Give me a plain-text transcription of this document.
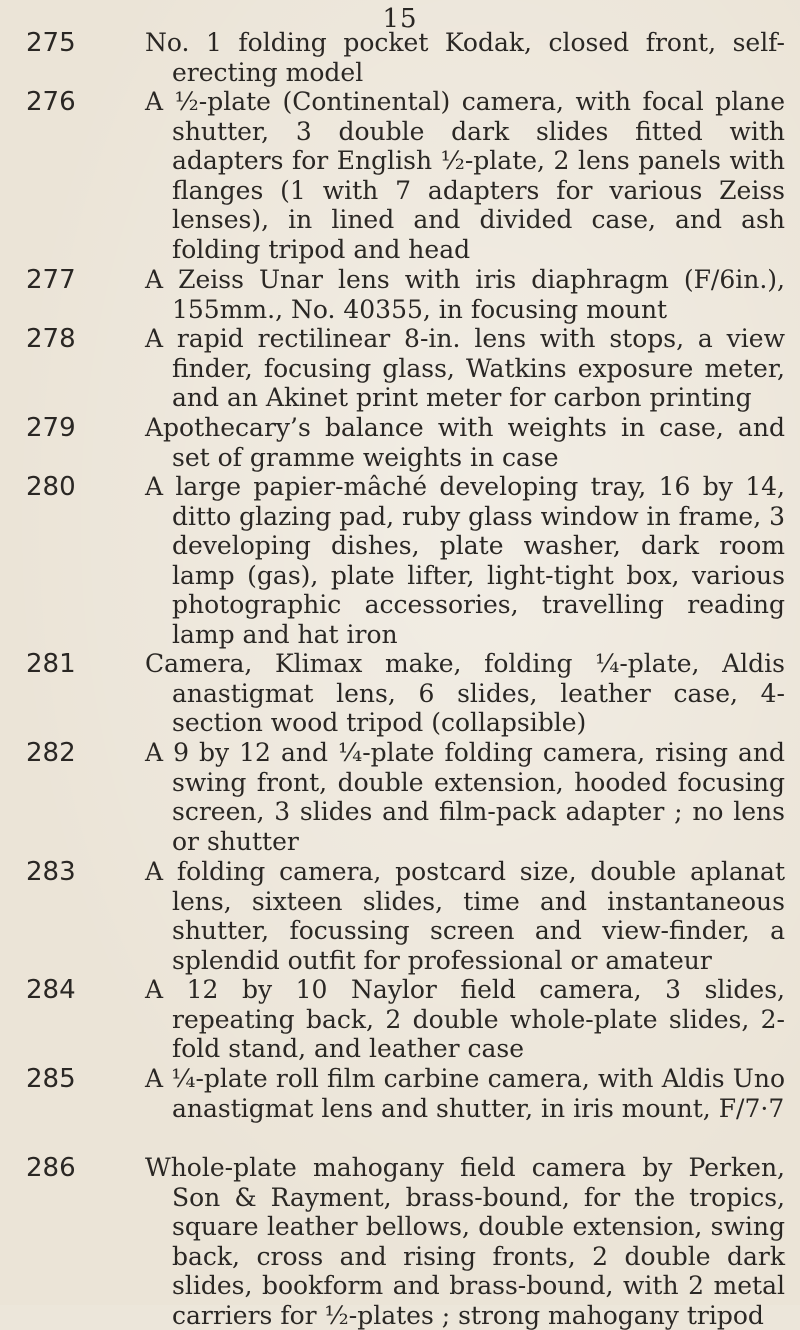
15
275	No. 1 folding pocket Kodak, closed front, self-erecting model
276	A ½-plate (Continental) camera, with focal plane shutter, 3 double dark slides fitted with adapters for English ½-plate, 2 lens panels with flanges (1 with 7 adapters for various Zeiss lenses), in lined and divided case, and ash folding tripod and head
277	A Zeiss Unar lens with iris diaphragm (F/6in.), 155mm., No. 40355, in focusing mount
278	A rapid rectilinear 8-in. lens with stops, a view finder, focusing glass, Watkins exposure meter, and an Akinet print meter for carbon printing
279	Apothecary’s balance with weights in case, and set of gramme weights in case
280	A large papier-mâché developing tray, 16 by 14, ditto glazing pad, ruby glass window in frame, 3 developing dishes, plate washer, dark room lamp (gas), plate lifter, light-tight box, various photographic accessories, travelling reading lamp and hat iron
281	Camera, Klimax make, folding ¼-plate, Aldis anastigmat lens, 6 slides, leather case, 4-section wood tripod (collapsible)
282	A 9 by 12 and ¼-plate folding camera, rising and swing front, double extension, hooded focusing screen, 3 slides and film-pack adapter ; no lens or shutter
283	A folding camera, postcard size, double aplanat lens, sixteen slides, time and instantaneous shutter, focussing screen and view-finder, a splendid outfit for professional or amateur
284	A 12 by 10 Naylor field camera, 3 slides, repeating back, 2 double whole-plate slides, 2-fold stand, and leather case
285	A ¼-plate roll film carbine camera, with Aldis Uno anastigmat lens and shutter, in iris mount, F/7·7
286	Whole-plate mahogany field camera by Perken, Son & Rayment, brass-bound, for the tropics, square leather bellows, double extension, swing back, cross and rising fronts, 2 double dark slides, bookform and brass-bound, with 2 metal carriers for ½-plates ; strong mahogany tripod
